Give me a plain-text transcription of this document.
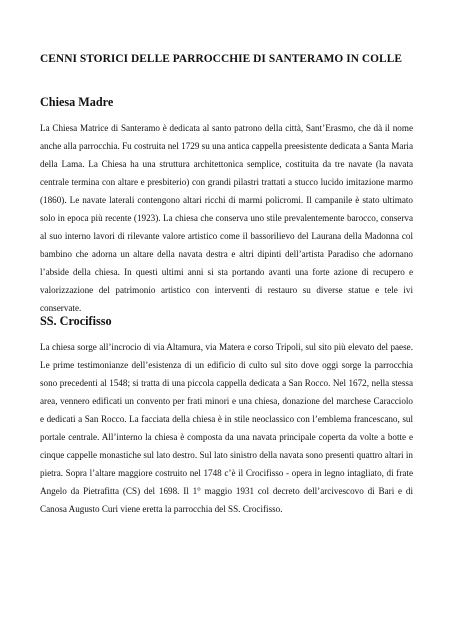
CENNI STORICI DELLE PARROCCHIE DI SANTERAMO IN COLLE
Chiesa Madre

La Chiesa Matrice di Santeramo è dedicata al santo patrono della città, Sant’Erasmo, che dà il nome anche alla parrocchia. Fu costruita nel 1729 su una antica cappella preesistente dedicata a Santa Maria della Lama. La Chiesa ha una struttura architettonica semplice, costituita da tre navate (la navata centrale termina con altare e presbiterio) con grandi pilastri trattati a stucco lucido imitazione marmo (1860). Le navate laterali contengono altari ricchi di marmi policromi. Il campanile è stato ultimato solo in epoca più recente (1923). La chiesa che conserva uno stile prevalentemente barocco, conserva al suo interno lavori di rilevante valore artistico come il bassorilievo del Laurana della Madonna col bambino che adorna un altare della navata destra e altri dipinti dell’artista Paradiso che adornano l’abside della chiesa. In questi ultimi anni si sta portando avanti una forte azione di recupero e valorizzazione del patrimonio artistico con interventi di restauro su diverse statue e tele ivi conservate.

SS. Crocifisso

La chiesa sorge all’incrocio di via Altamura, via Matera e corso Tripoli, sul sito più elevato del paese. Le prime testimonianze dell’esistenza di un edificio di culto sul sito dove oggi sorge la parrocchia sono precedenti al 1548; si tratta di una piccola cappella dedicata a San Rocco. Nel 1672, nella stessa area, vennero edificati un convento per frati minori e una chiesa, donazione del marchese Caracciolo e dedicati a San Rocco. La facciata della chiesa è in stile neoclassico con l’emblema francescano, sul portale centrale. All’interno la chiesa è composta da una navata principale coperta da volte a botte e cinque cappelle monastiche sul lato destro. Sul lato sinistro della navata sono presenti quattro altari in pietra. Sopra l’altare maggiore costruito nel 1748 c’è il Crocifisso - opera in legno intagliato, di frate Angelo da Pietrafitta (CS) del 1698. Il 1° maggio 1931 col decreto dell’arcivescovo di Bari e di Canosa Augusto Curi viene eretta la parrocchia del SS. Crocifisso.
